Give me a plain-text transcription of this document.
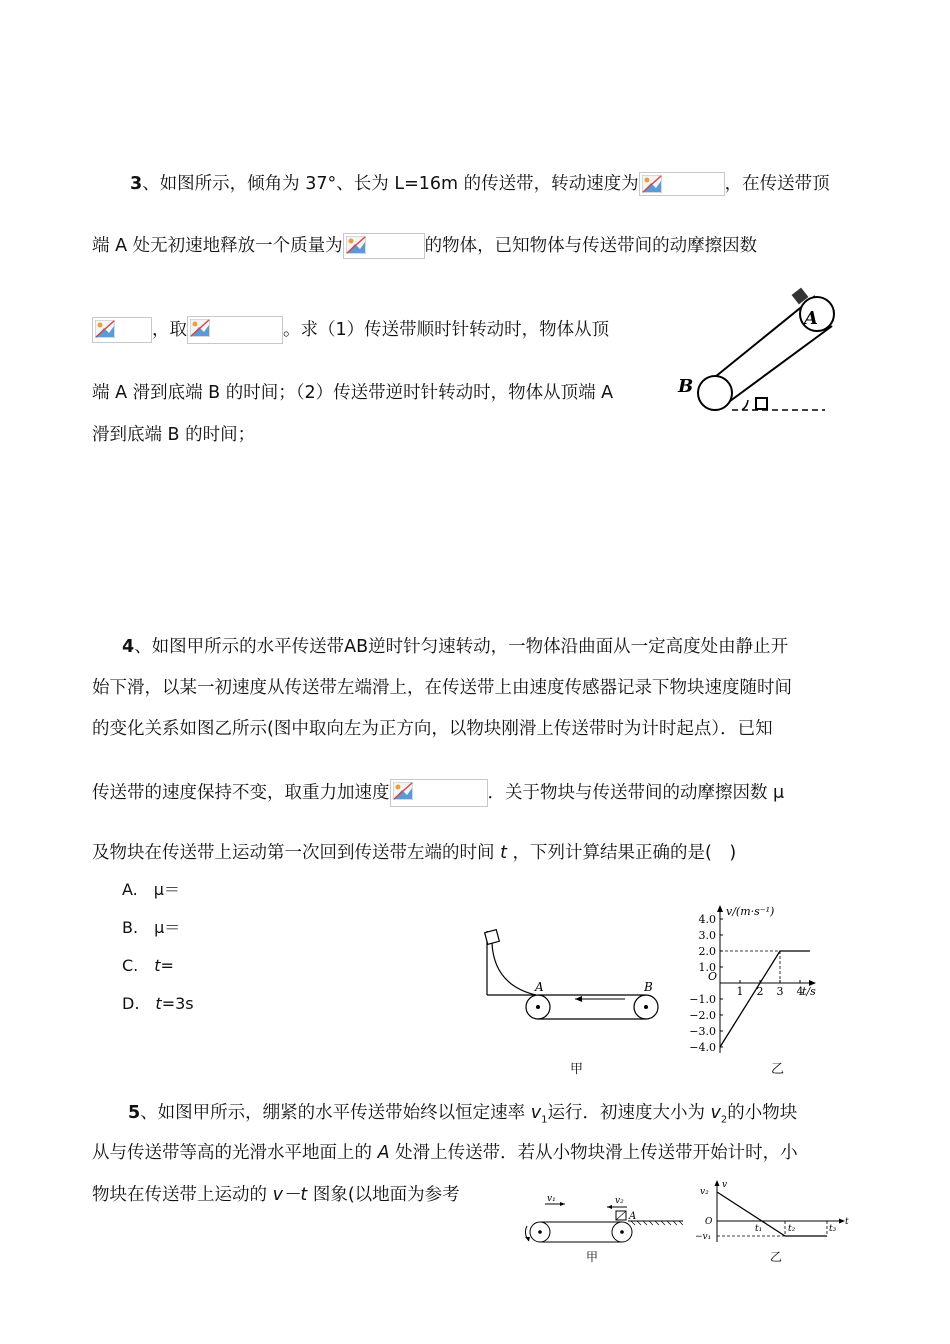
3、如图所示，倾角为 37°、长为 L=16m 的传送带，转动速度为	，在传送带顶
端 A 处无初速地释放一个质量为	的物体，已知物体与传送带间的动摩擦因数
，取	。求（1）传送带顺时针转动时，物体从顶
端 A 滑到底端 B 的时间；（2）传送带逆时针转动时，物体从顶端 A
滑到底端 B 的时间；
A
B
4、如图甲所示的水平传送带AB逆时针匀速转动，一物体沿曲面从一定高度处由静止开
始下滑，以某一初速度从传送带左端滑上，在传送带上由速度传感器记录下物块速度随时间
的变化关系如图乙所示(图中取向左为正方向，以物块刚滑上传送带时为计时起点）．已知
传送带的速度保持不变，取重力加速度	．关于物块与传送带间的动摩擦因数 μ
及物块在传送带上运动第一次回到传送带左端的时间 t ，下列计算结果正确的是(　)
A.　μ＝
B.　μ＝
C.　t=
D.　t=3s
A	B
甲
4.0
3.0
2.0
1.0
−1.0
−2.0
−3.0
−4.0
1 2 3 4
O
t/s
v/(m·s⁻¹)
乙
5、如图甲所示，绷紧的水平传送带始终以恒定速率 $v_1$运行．初速度大小为 $v_2$的小物块
从与传送带等高的光滑水平地面上的 A 处滑上传送带．若从小物块滑上传送带开始计时，小
物块在传送带上运动的 v－t 图象(以地面为参考	v₁	v₂
A
甲
v
v₂
O
−v₁
t
t₁	t₂	t₃
乙
